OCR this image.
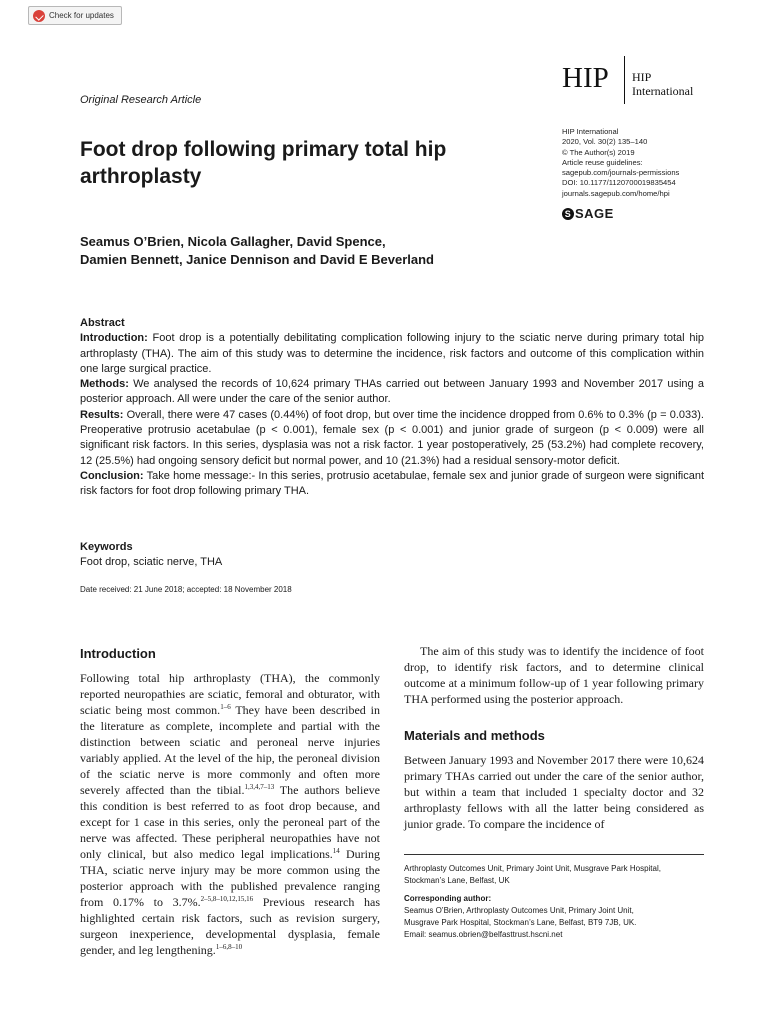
Check for updates
Original Research Article
HIP HIP
International
HIP International
2020, Vol. 30(2) 135–140
© The Author(s) 2019
Article reuse guidelines:
sagepub.com/journals-permissions
DOI: 10.1177/1120700019835454
journals.sagepub.com/home/hpi
S SAGE
Foot drop following primary total hip arthroplasty

Seamus O’Brien, Nicola Gallagher, David Spence,
Damien Bennett, Janice Dennison and David E Beverland

Abstract

Introduction: Foot drop is a potentially debilitating complication following injury to the sciatic nerve during primary total hip arthroplasty (THA). The aim of this study was to determine the incidence, risk factors and outcome of this complication within one large surgical practice.

Methods: We analysed the records of 10,624 primary THAs carried out between January 1993 and November 2017 using a posterior approach. All were under the care of the senior author.

Results: Overall, there were 47 cases (0.44%) of foot drop, but over time the incidence dropped from 0.6% to 0.3% (p = 0.033). Preoperative protrusio acetabulae (p < 0.001), female sex (p < 0.001) and junior grade of surgeon (p < 0.009) were all significant risk factors. In this series, dysplasia was not a risk factor. 1 year postoperatively, 25 (53.2%) had complete recovery, 12 (25.5%) had ongoing sensory deficit but normal power, and 10 (21.3%) had a residual sensory-motor deficit.

Conclusion: Take home message:- In this series, protrusio acetabulae, female sex and junior grade of surgeon were significant risk factors for foot drop following primary THA.

Keywords
Foot drop, sciatic nerve, THA
Date received: 21 June 2018; accepted: 18 November 2018
Introduction

Following total hip arthroplasty (THA), the commonly reported neuropathies are sciatic, femoral and obturator, with sciatic being most common.$^{1-6}$ They have been described in the literature as complete, incomplete and partial with the distinction between sciatic and peroneal nerve injuries variably applied. At the level of the hip, the peroneal division of the sciatic nerve is more commonly and often more severely affected than the tibial.$^{1,3,4,7-13}$ The authors believe this condition is best referred to as foot drop because, and except for 1 case in this series, only the peroneal part of the nerve was affected. These peripheral neuropathies have not only clinical, but also medico legal implications.$^{14}$ During THA, sciatic nerve injury may be more common using the posterior approach with the published prevalence ranging from 0.17% to 3.7%.$^{2-5,8-10,12,15,16}$ Previous research has highlighted certain risk factors, such as revision surgery, surgeon inexperience, developmental dysplasia, female gender, and leg lengthening.$^{1-6,8-10}$

The aim of this study was to identify the incidence of foot drop, to identify risk factors, and to determine clinical outcome at a minimum follow-up of 1 year following primary THA performed using the posterior approach.

Materials and methods

Between January 1993 and November 2017 there were 10,624 primary THAs carried out under the care of the senior author, but within a team that included 1 specialty doctor and 32 arthroplasty fellows with all the latter being considered as junior grade. To compare the incidence of

Arthroplasty Outcomes Unit, Primary Joint Unit, Musgrave Park Hospital, Stockman’s Lane, Belfast, UK

Corresponding author:

Seamus O’Brien, Arthroplasty Outcomes Unit, Primary Joint Unit,

Musgrave Park Hospital, Stockman’s Lane, Belfast, BT9 7JB, UK.

Email: seamus.obrien@belfasttrust.hscni.net
